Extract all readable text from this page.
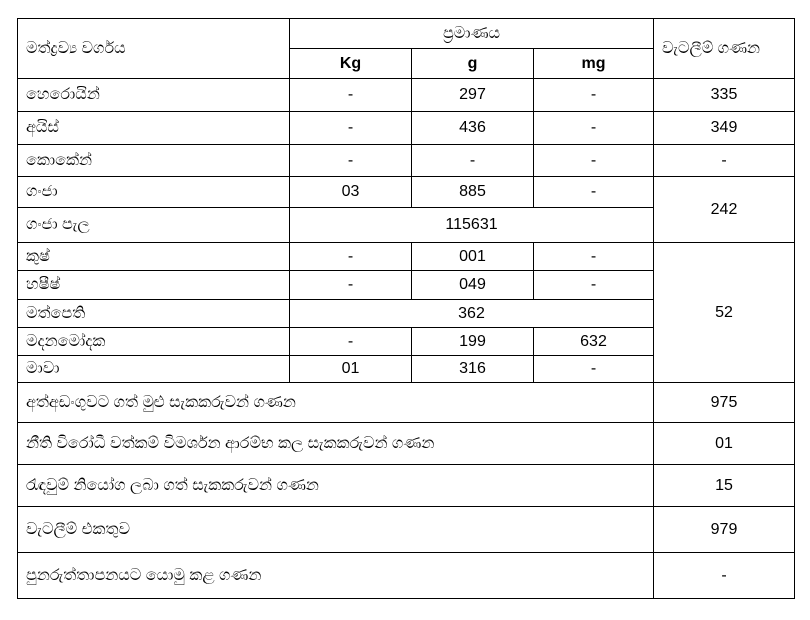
මත්ද්‍රව්‍ය වර්ගය	ප්‍රමාණය			වැටලීම් ගණන
	Kg	g	mg	
හෙරොයින්	-	297	-	335
අයිස්	-	436	-	349
කොකේන්	-	-	-	-
ගංජා	03	885	-	242
ගංජා පැල	115631			
කුෂ්	-	001	-	52
හෂීෂ්	-	049	-	
මත්පෙති	362			
මදනමෝදක	-	199	632	
මාවා	01	316	-	
අත්අඩංගුවට ගත් මුළු සැකකරුවන් ගණන				975
නීති විරෝධී වත්කම් විමර්ශන ආරම්භ කල සැකකරුවන් ගණන				01
රැඳවුම් නියෝග ලබා ගත් සැකකරුවන් ගණන				15
වැටලීම් එකතුව				979
පුනරුත්තාපනයට යොමු කළ ගණන				-
